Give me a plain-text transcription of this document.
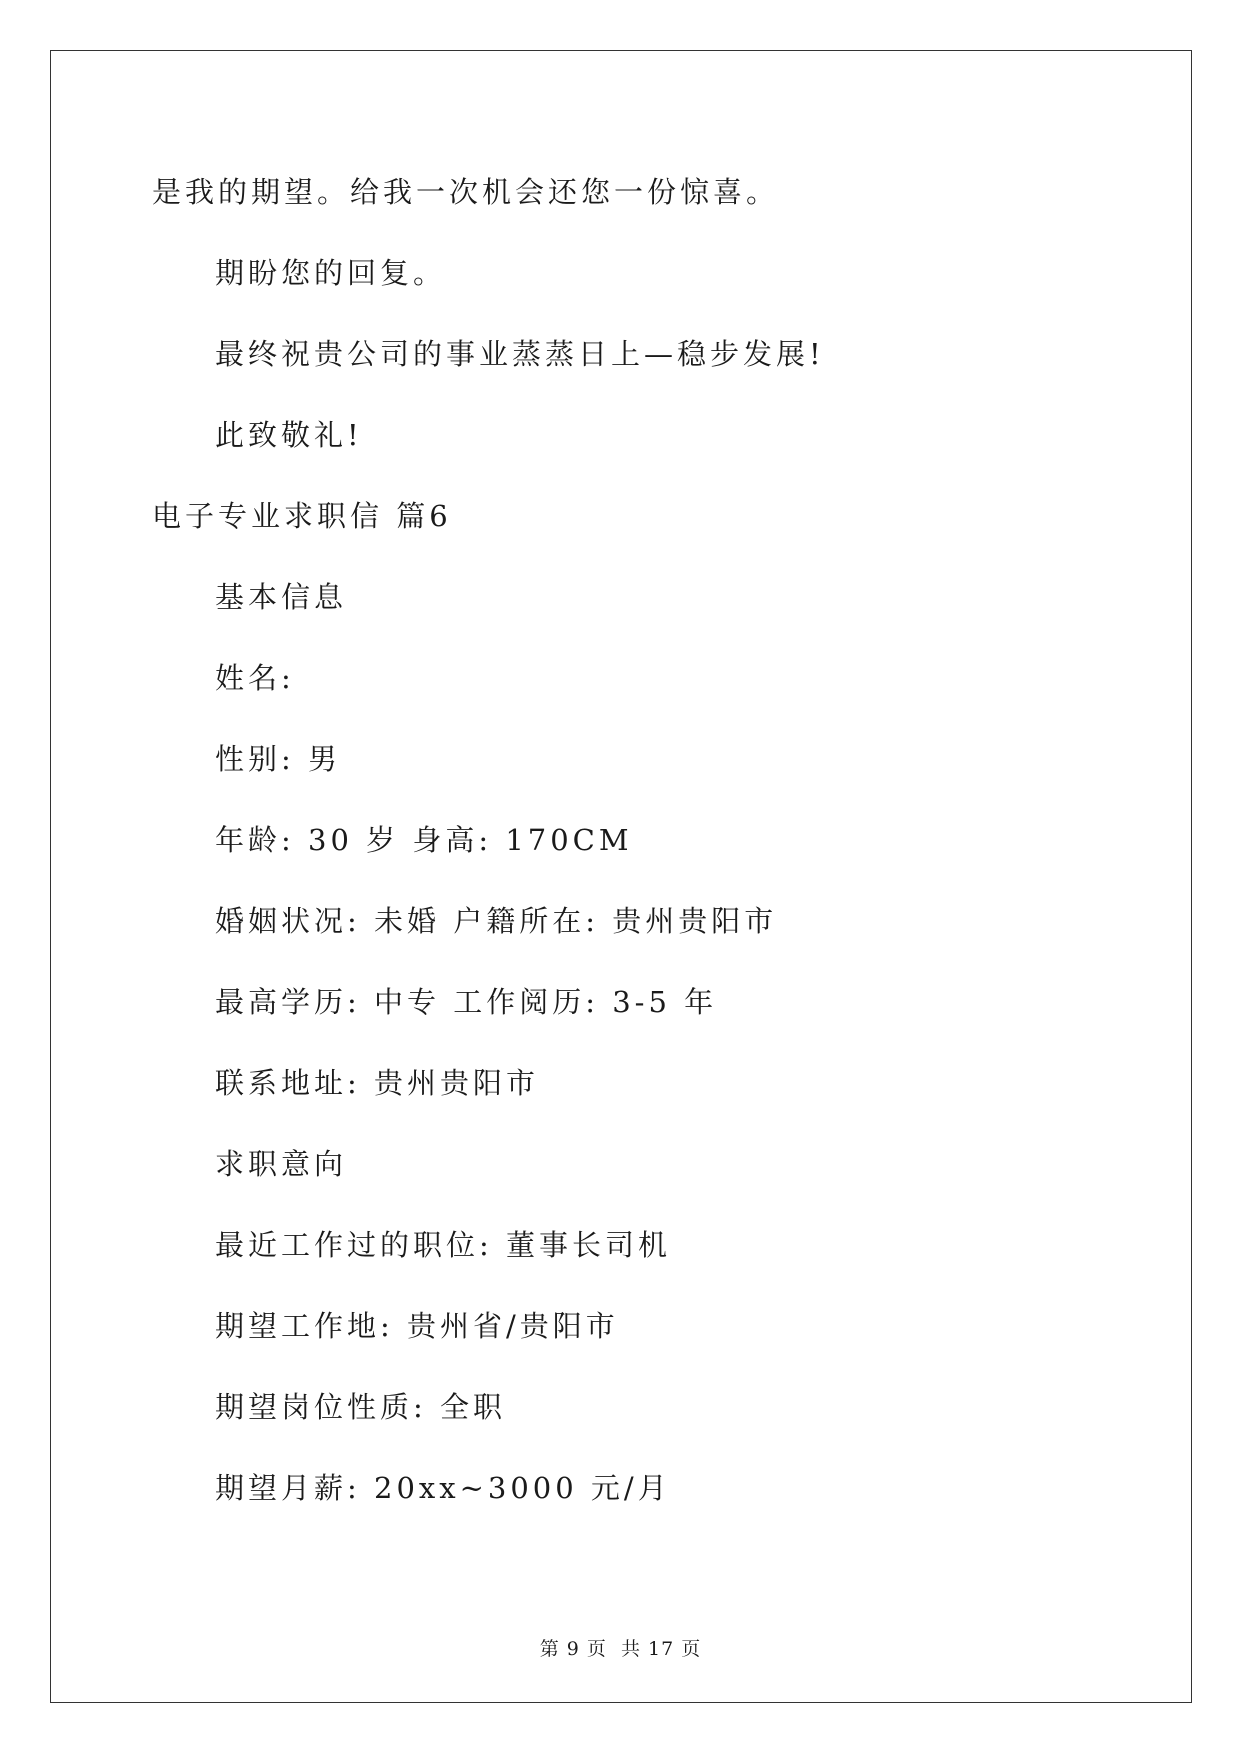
是我的期望。给我一次机会还您一份惊喜。
期盼您的回复。
最终祝贵公司的事业蒸蒸日上—稳步发展!
此致敬礼!
电子专业求职信 篇6
基本信息
姓名:
性别: 男
年龄: 30 岁 身高: 170CM
婚姻状况: 未婚 户籍所在: 贵州贵阳市
最高学历: 中专 工作阅历: 3-5 年
联系地址: 贵州贵阳市
求职意向
最近工作过的职位: 董事长司机
期望工作地: 贵州省/贵阳市
期望岗位性质: 全职
期望月薪: 20xx~3000 元/月
第 9 页  共 17 页
